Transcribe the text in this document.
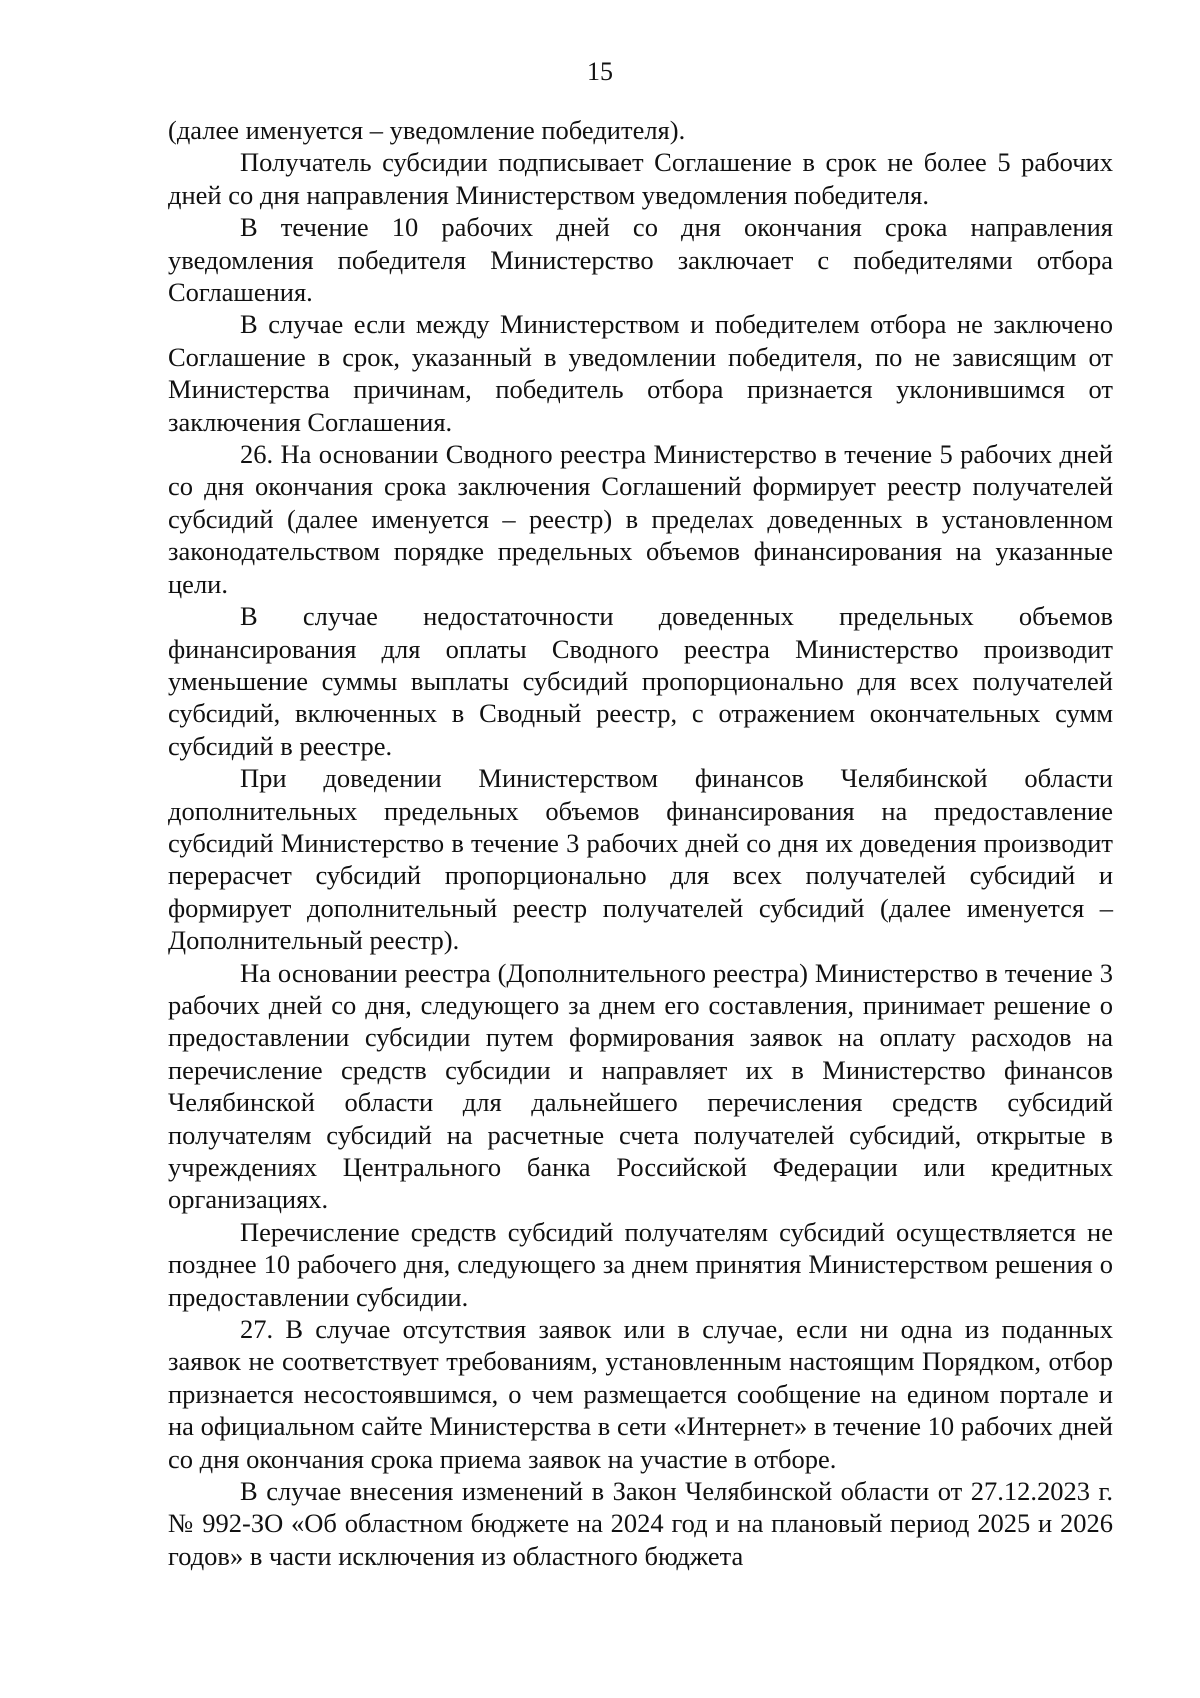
15

(далее именуется – уведомление победителя).

Получатель субсидии подписывает Соглашение в срок не более 5 рабочих дней со дня направления Министерством уведомления победителя.

В течение 10 рабочих дней со дня окончания срока направления уведомления победителя Министерство заключает с победителями отбора Соглашения.

В случае если между Министерством и победителем отбора не заключено Соглашение в срок, указанный в уведомлении победителя, по не зависящим от Министерства причинам, победитель отбора признается уклонившимся от заключения Соглашения.

26. На основании Сводного реестра Министерство в течение 5 рабочих дней со дня окончания срока заключения Соглашений формирует реестр получателей субсидий (далее именуется – реестр) в пределах доведенных в установленном законодательством порядке предельных объемов финансирования на указанные цели.

В случае недостаточности доведенных предельных объемов финансирования для оплаты Сводного реестра Министерство производит уменьшение суммы выплаты субсидий пропорционально для всех получателей субсидий, включенных в Сводный реестр, с отражением окончательных сумм субсидий в реестре.

При доведении Министерством финансов Челябинской области дополнительных предельных объемов финансирования на предоставление субсидий Министерство в течение 3 рабочих дней со дня их доведения производит перерасчет субсидий пропорционально для всех получателей субсидий и формирует дополнительный реестр получателей субсидий (далее именуется – Дополнительный реестр).

На основании реестра (Дополнительного реестра) Министерство в течение 3 рабочих дней со дня, следующего за днем его составления, принимает решение о предоставлении субсидии путем формирования заявок на оплату расходов на перечисление средств субсидии и направляет их в Министерство финансов Челябинской области для дальнейшего перечисления средств субсидий получателям субсидий на расчетные счета получателей субсидий, открытые в учреждениях Центрального банка Российской Федерации или кредитных организациях.

Перечисление средств субсидий получателям субсидий осуществляется не позднее 10 рабочего дня, следующего за днем принятия Министерством решения о предоставлении субсидии.

27. В случае отсутствия заявок или в случае, если ни одна из поданных заявок не соответствует требованиям, установленным настоящим Порядком, отбор признается несостоявшимся, о чем размещается сообщение на едином портале и на официальном сайте Министерства в сети «Интернет» в течение 10 рабочих дней со дня окончания срока приема заявок на участие в отборе.

В случае внесения изменений в Закон Челябинской области от 27.12.2023 г. № 992-ЗО «Об областном бюджете на 2024 год и на плановый период 2025 и 2026 годов» в части исключения из областного бюджета
